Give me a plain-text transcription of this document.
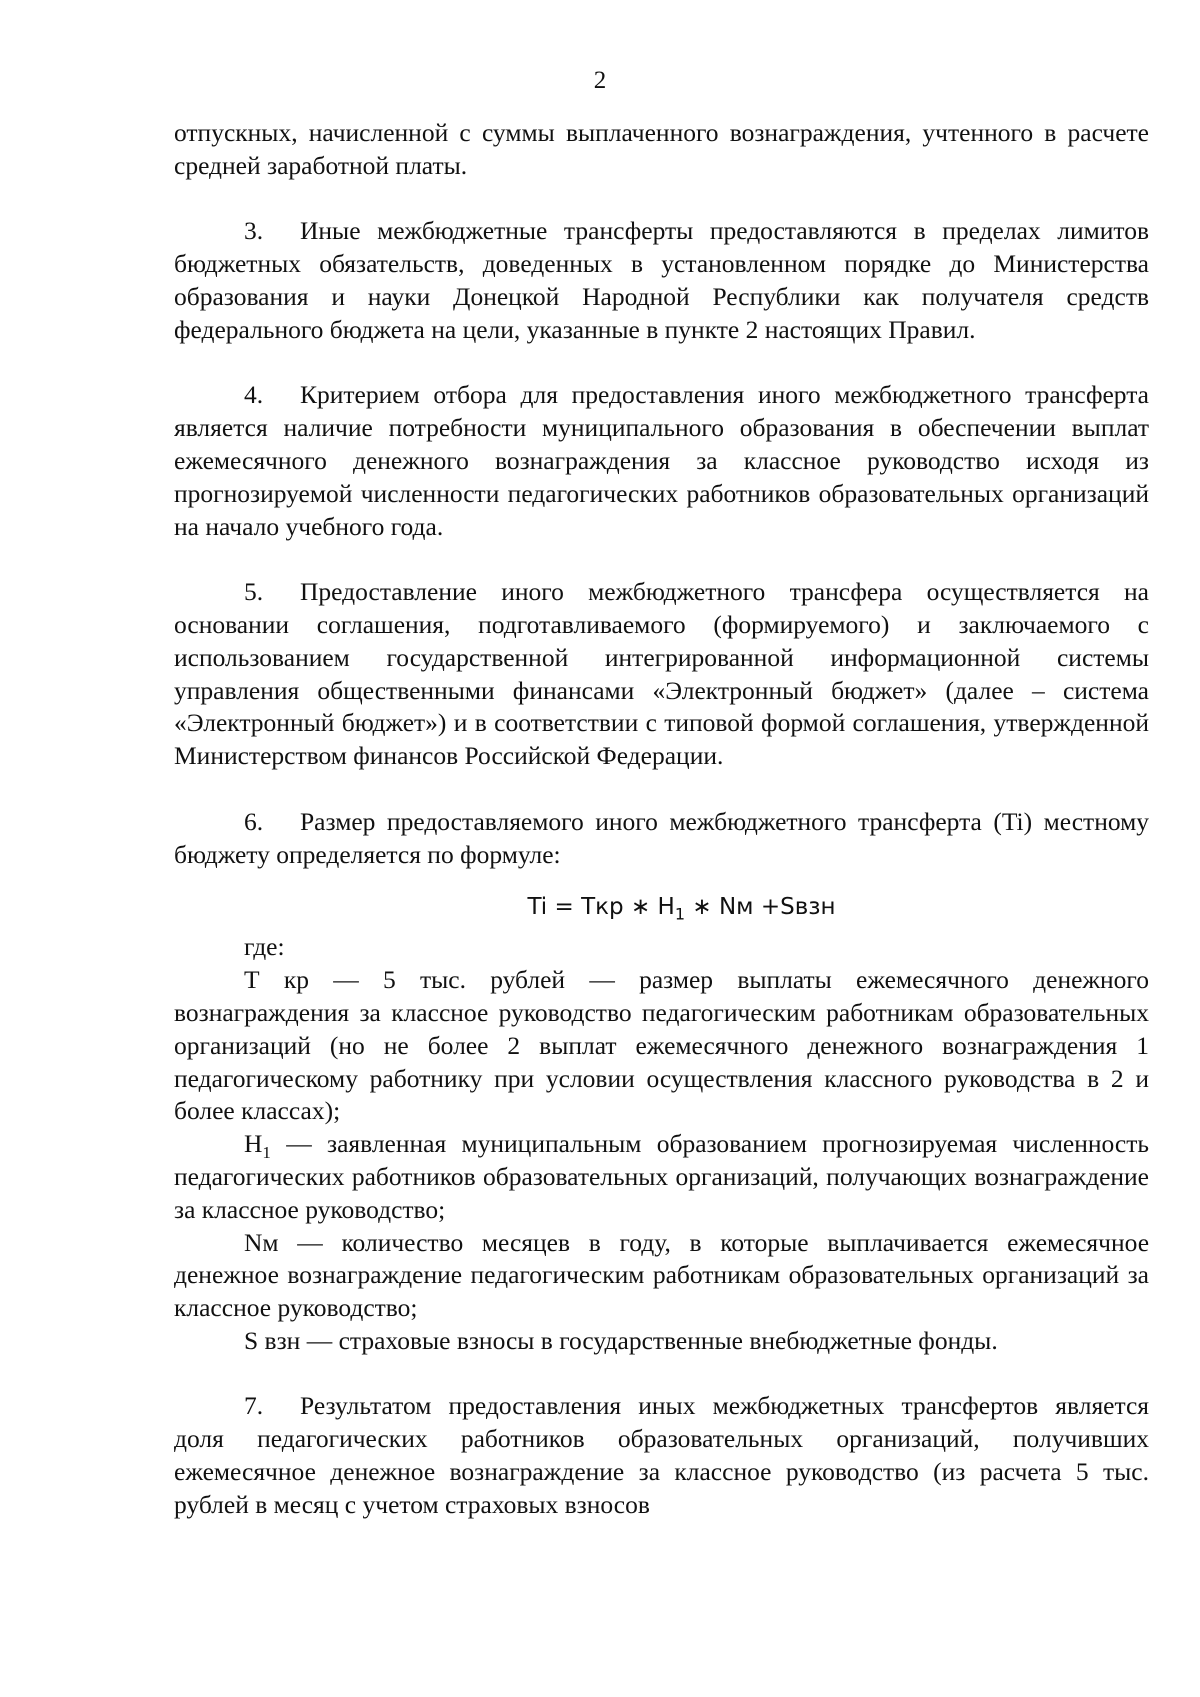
2

отпускных, начисленной с суммы выплаченного вознаграждения, учтенного в расчете средней заработной платы.

3. Иные межбюджетные трансферты предоставляются в пределах лимитов бюджетных обязательств, доведенных в установленном порядке до Министерства образования и науки Донецкой Народной Республики как получателя средств федерального бюджета на цели, указанные в пункте 2 настоящих Правил.

4. Критерием отбора для предоставления иного межбюджетного трансферта является наличие потребности муниципального образования в обеспечении выплат ежемесячного денежного вознаграждения за классное руководство исходя из прогнозируемой численности педагогических работников образовательных организаций на начало учебного года.

5. Предоставление иного межбюджетного трансфера осуществляется на основании соглашения, подготавливаемого (формируемого) и заключаемого с использованием государственной интегрированной информационной системы управления общественными финансами «Электронный бюджет» (далее – система «Электронный бюджет») и в соответствии с типовой формой соглашения, утвержденной Министерством финансов Российской Федерации.

6. Размер предоставляемого иного межбюджетного трансферта (Ti) местному бюджету определяется по формуле:

Ti = Ткр ∗ $H_1$ ∗ Nм +Sвзн

где:

Т кр — 5 тыс. рублей — размер выплаты ежемесячного денежного вознаграждения за классное руководство педагогическим работникам образовательных организаций (но не более 2 выплат ежемесячного денежного вознаграждения 1 педагогическому работнику при условии осуществления классного руководства в 2 и более классах);

$Н_1$ — заявленная муниципальным образованием прогнозируемая численность педагогических работников образовательных организаций, получающих вознаграждение за классное руководство;

Nм — количество месяцев в году, в которые выплачивается ежемесячное денежное вознаграждение педагогическим работникам образовательных организаций за классное руководство;

S взн — страховые взносы в государственные внебюджетные фонды.

7. Результатом предоставления иных межбюджетных трансфертов является доля педагогических работников образовательных организаций, получивших ежемесячное денежное вознаграждение за классное руководство (из расчета 5 тыс. рублей в месяц с учетом страховых взносов
